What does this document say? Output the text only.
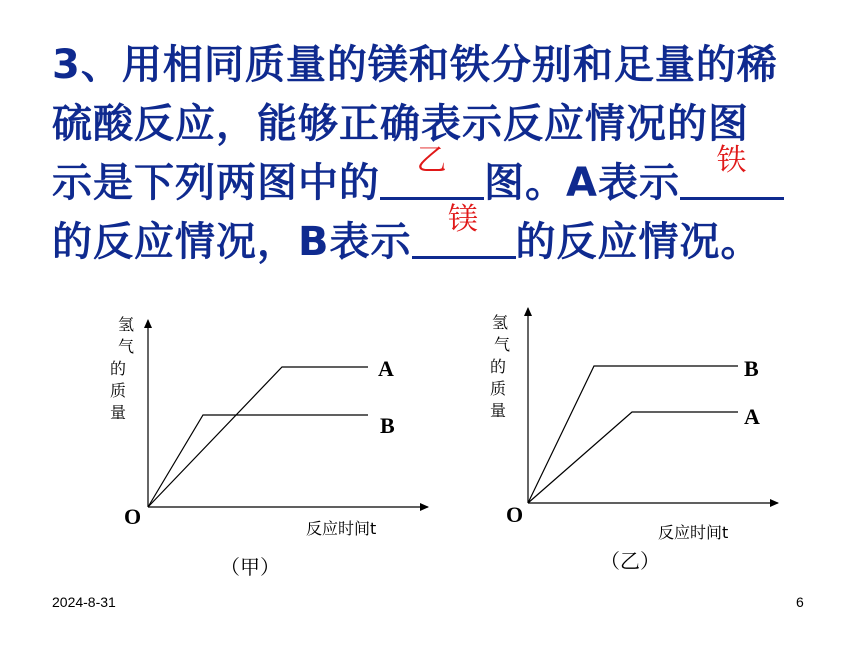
3、用相同质量的镁和铁分别和足量的稀
硫酸反应，能够正确表示反应情况的图
示是下列两图中的	乙 图。A表示	铁
的反应情况，B表示	镁 的反应情况。
氢
气
的
质
量
O
A
B
反应时间t
（甲）
氢
气
的
质
量
O
B
A
反应时间t
（乙）
2024-8-31	6
